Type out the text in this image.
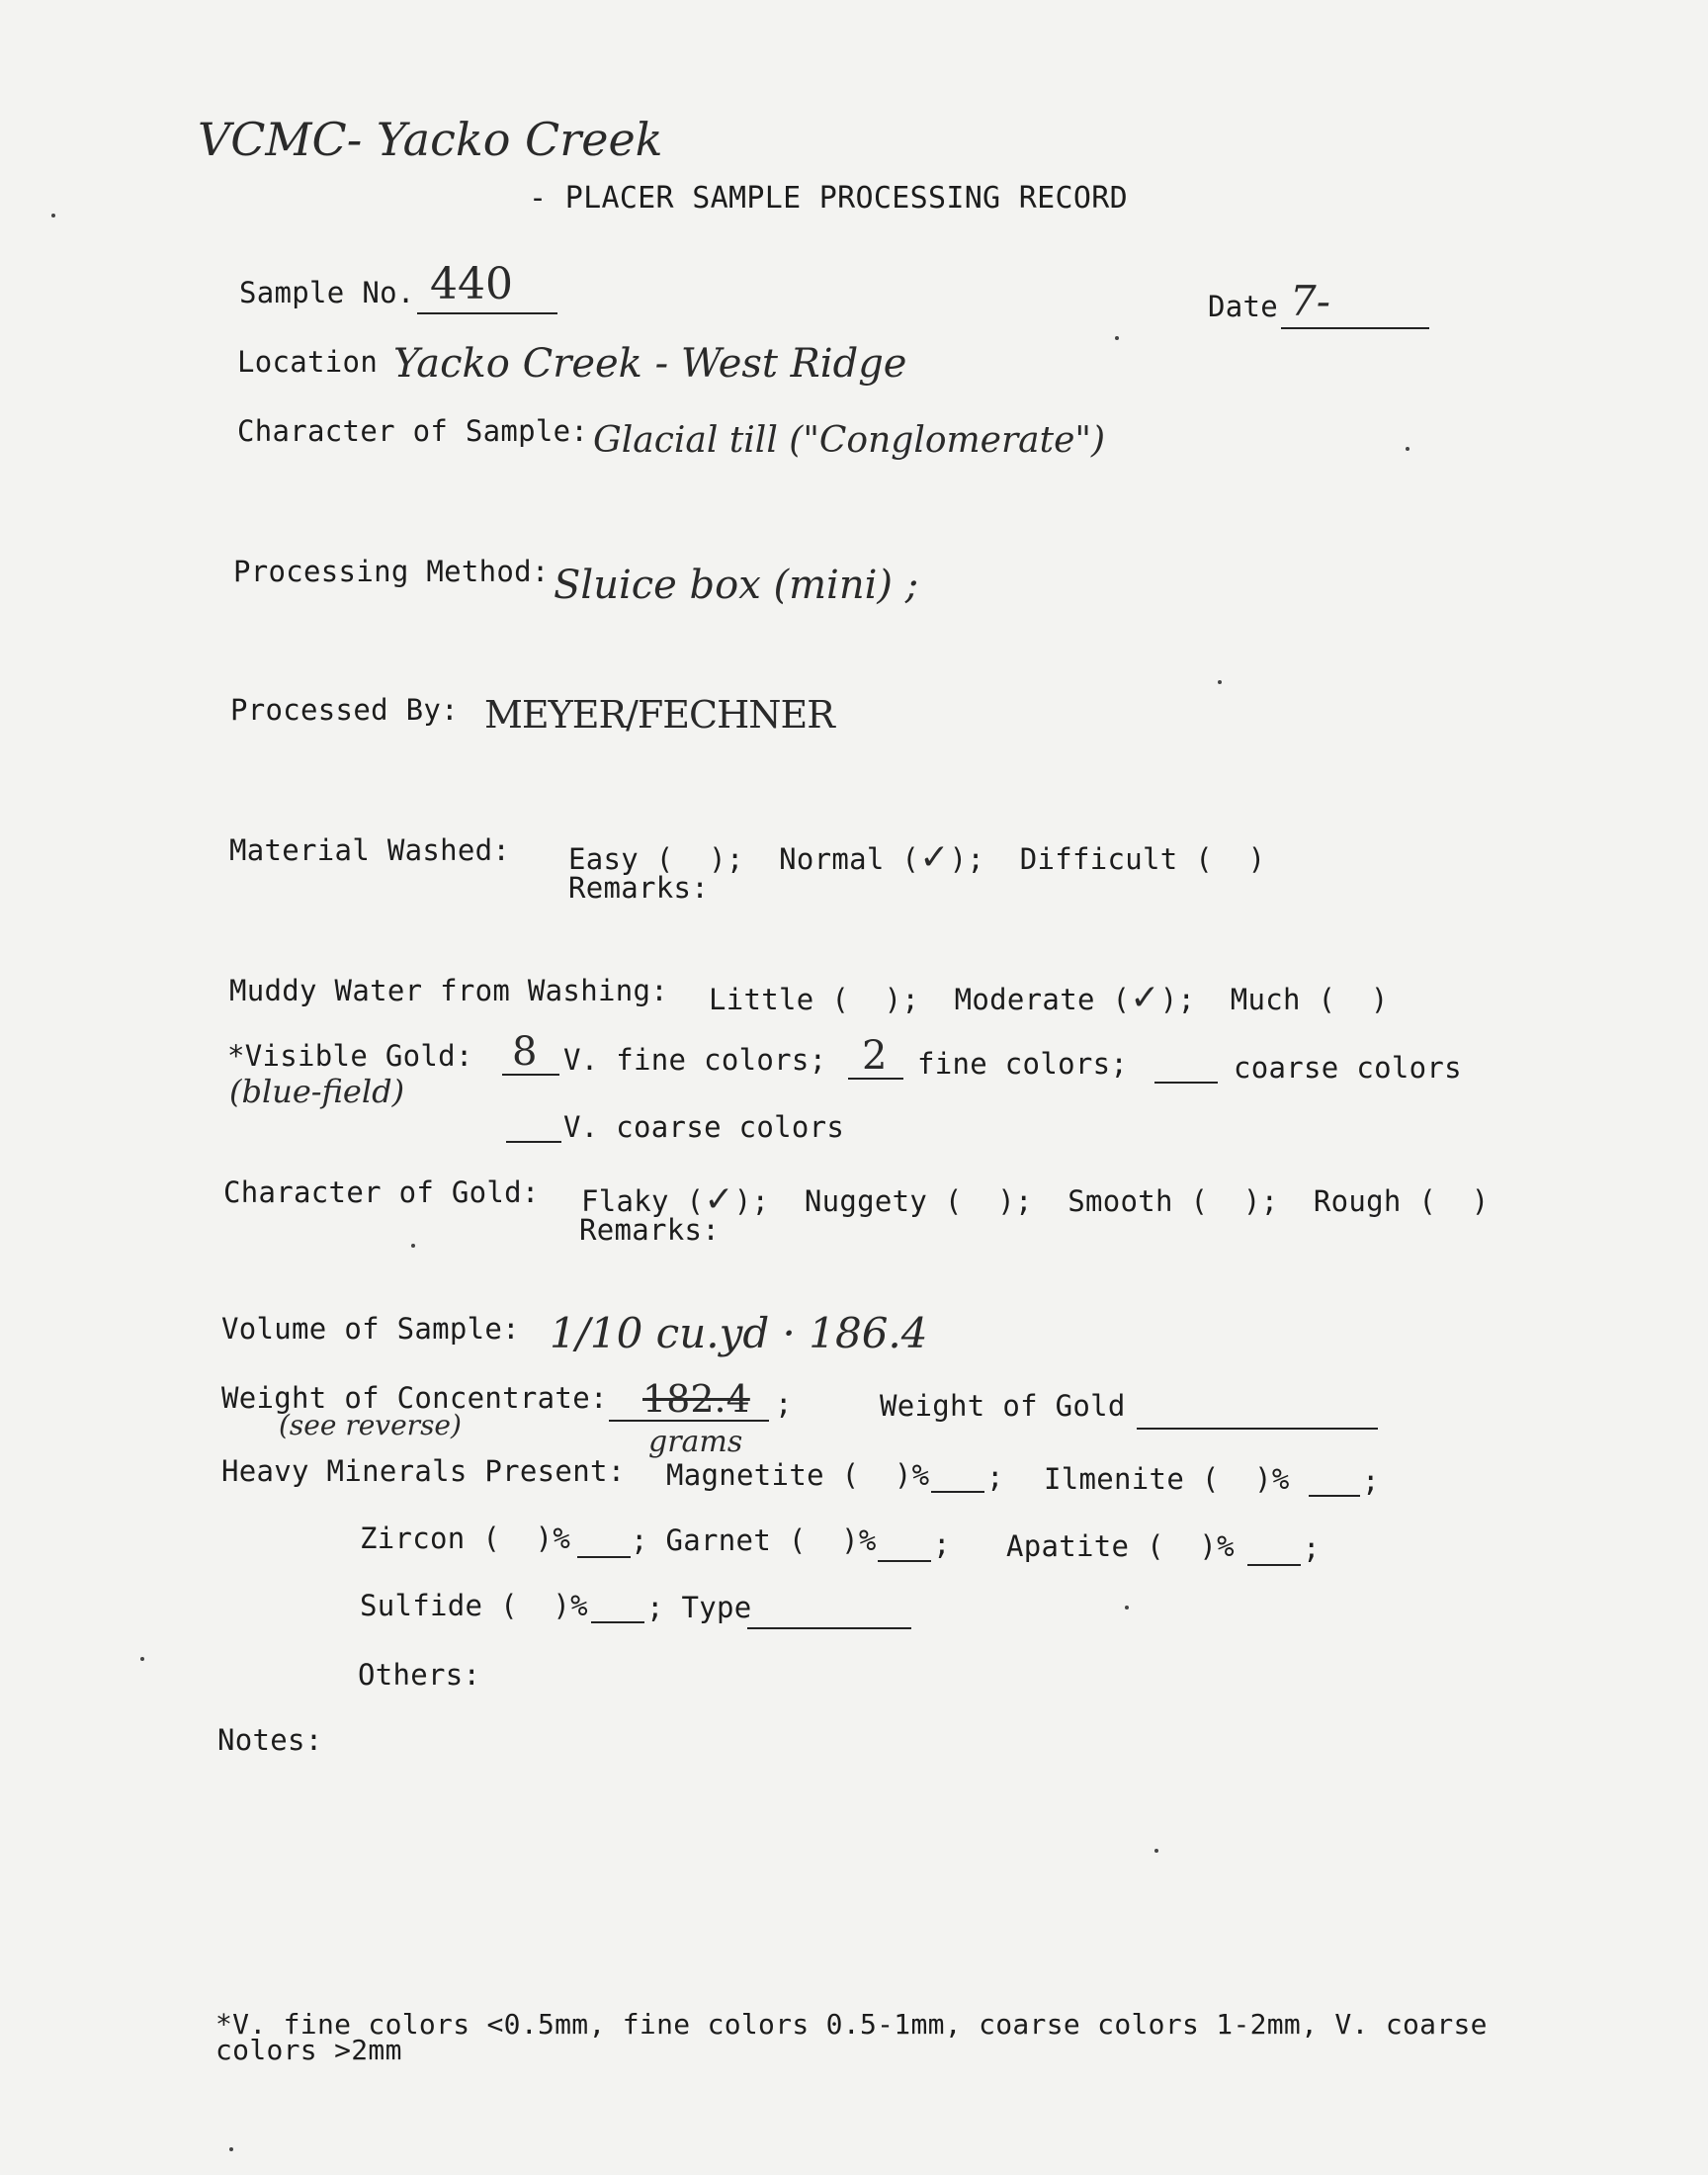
VCMC- Yacko Creek
- PLACER SAMPLE PROCESSING RECORD
Sample No. 440	Date 7-
Location Yacko Creek - West Ridge
Character of Sample: Glacial till ("Conglomerate")
Processing Method: Sluice box (mini) ;
Processed By: MEYER/FECHNER
Material Washed: Easy (  );  Normal (✓);  Difficult (  )
Remarks:
Muddy Water from Washing: Little (  );  Moderate (✓);  Much (  )
*Visible Gold:
(blue-field)
8 V. fine colors; 2 fine colors;	coarse colors
V. coarse colors
Character of Gold: Flaky (✓);  Nuggety (  );  Smooth (  );  Rough (  )
Remarks:
Volume of Sample: 1/10 cu.yd · 186.4
Weight of Concentrate: 182.4 ;
(see reverse)	grams
Weight of Gold
Heavy Minerals Present: Magnetite (  )% ; Ilmenite (  )%	;
Zircon (  )% ; Garnet (  )% ; Apatite (  )% ;
Sulfide (  )% ; Type
Others:
Notes:
*V. fine colors <0.5mm, fine colors 0.5-1mm, coarse colors 1-2mm, V. coarse
colors >2mm
